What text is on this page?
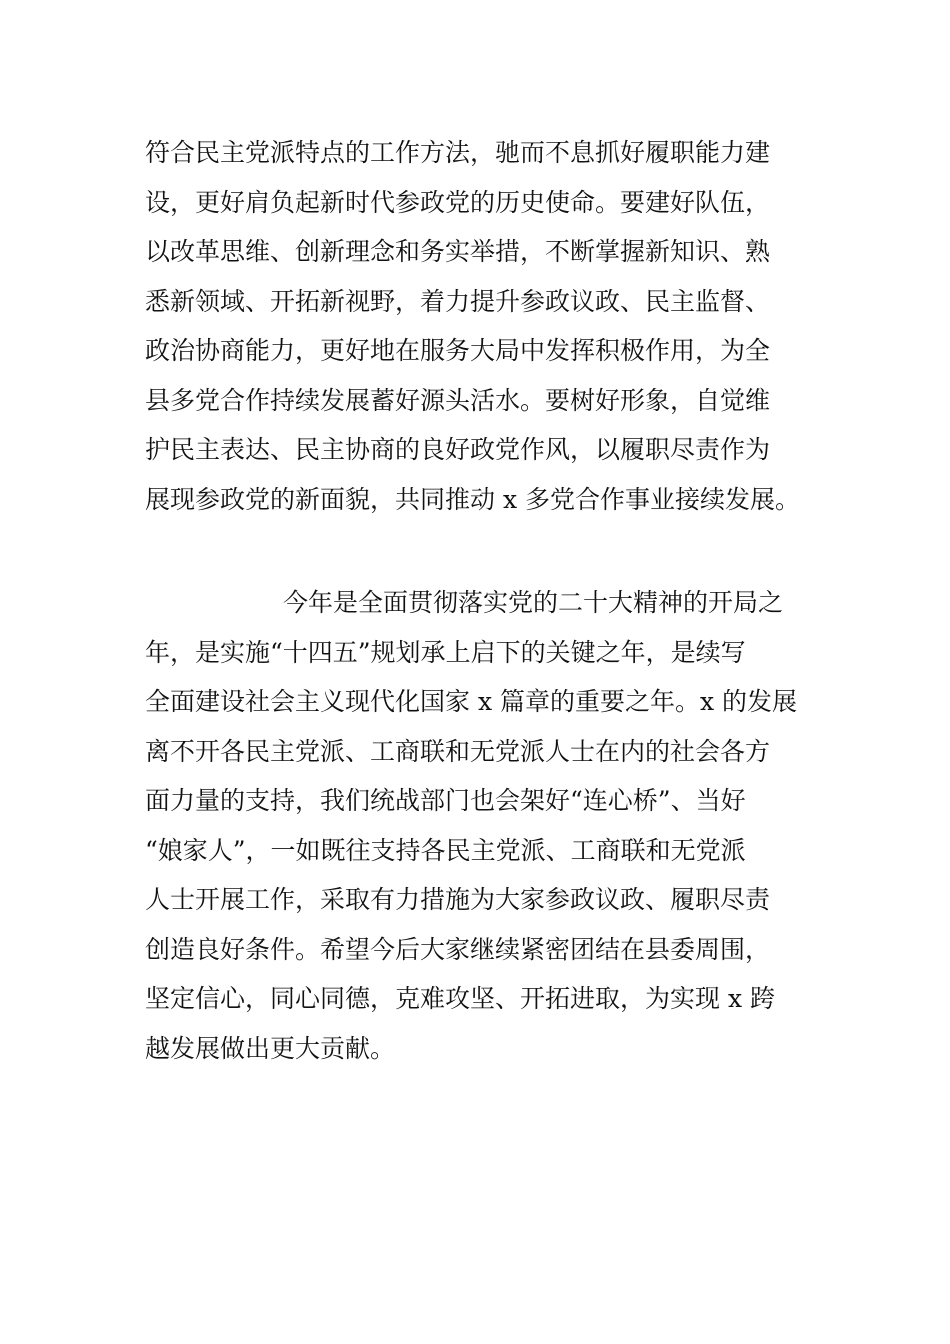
符合民主党派特点的工作方法，驰而不息抓好履职能力建
设，更好肩负起新时代参政党的历史使命。要建好队伍，
以改革思维、创新理念和务实举措，不断掌握新知识、熟
悉新领域、开拓新视野，着力提升参政议政、民主监督、
政治协商能力，更好地在服务大局中发挥积极作用，为全
县多党合作持续发展蓄好源头活水。要树好形象，自觉维
护民主表达、民主协商的良好政党作风，以履职尽责作为
展现参政党的新面貌，共同推动 x 多党合作事业接续发展。

今年是全面贯彻落实党的二十大精神的开局之
年，是实施“十四五”规划承上启下的关键之年，是续写
全面建设社会主义现代化国家 x 篇章的重要之年。x 的发展
离不开各民主党派、工商联和无党派人士在内的社会各方
面力量的支持，我们统战部门也会架好“连心桥”、当好
“娘家人”，一如既往支持各民主党派、工商联和无党派
人士开展工作，采取有力措施为大家参政议政、履职尽责
创造良好条件。希望今后大家继续紧密团结在县委周围，
坚定信心，同心同德，克难攻坚、开拓进取，为实现 x 跨
越发展做出更大贡献。
